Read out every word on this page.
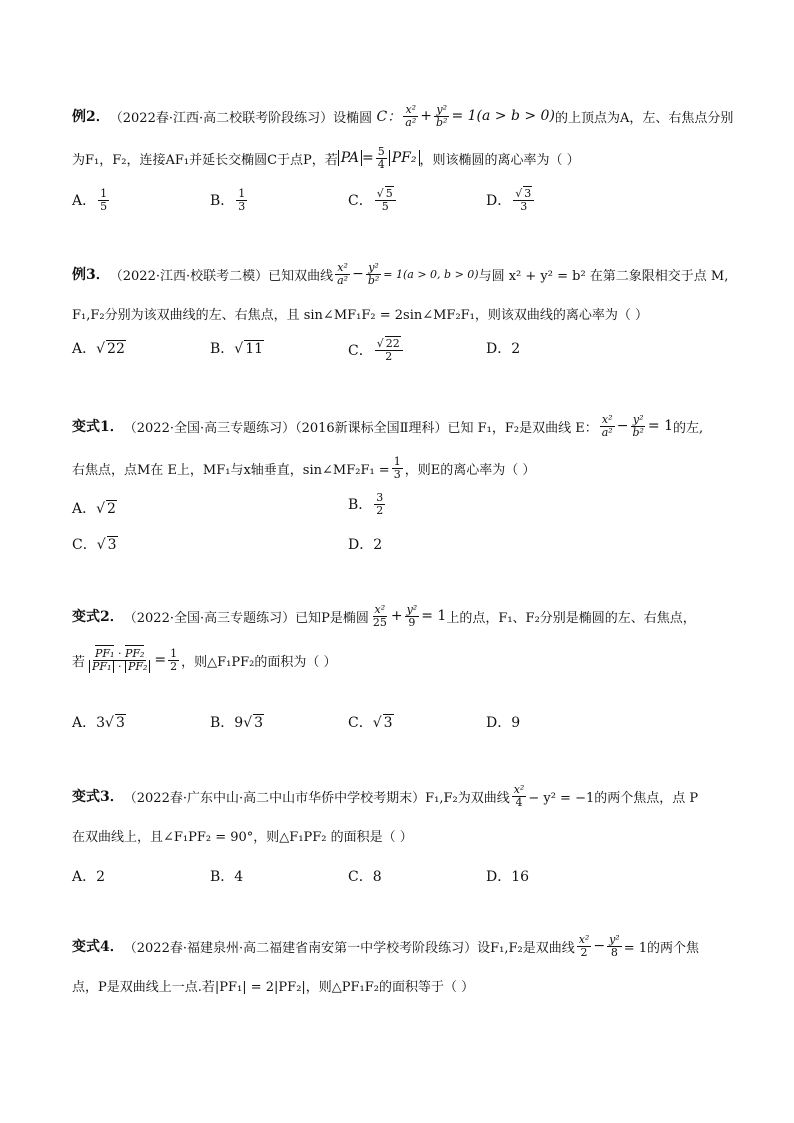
例2． （2022春·江西·高二校联考阶段练习）设椭圆 C： $\frac{\text{x²}}{\text{a²}} + \frac{\text{y²}}{\text{b²}} = 1(a > b > 0)$ 的上顶点为A，左、右焦点分别
为F₁，F₂，连接AF₁并延长交椭圆C于点P，若 PA = $\frac{5}{4} PF_2$ ，则该椭圆的离心率为（ ）
A． $\frac{1}{5}$	B． $\frac{1}{3}$	C． $\frac{√ 5}{5}$	D． $\frac{√ 3}{3}$
例3． （2022·江西·校联考二模）已知双曲线 $\frac{\text{x²}}{\text{a²}} - \frac{\text{y²}}{\text{b²}} = 1(a > 0$, b > 0) 与圆 x² + y² = b² 在第二象限相交于点 M,
F₁,F₂分别为该双曲线的左、右焦点，且 sin∠MF₁F₂ = 2sin∠MF₂F₁，则该双曲线的离心率为（ ）
A．√ 22	B．√ 11	C． $\frac{√ 22}{2}$	D．2
变式1． （2022·全国·高三专题练习）（2016新课标全国Ⅱ理科）已知 F₁，F₂是双曲线 E： $\frac{\text{x²}}{\text{a²}} - \frac{\text{y²}}{\text{b²}} = 1$ 的左,
右焦点，点M在 E上，MF₁与x轴垂直，sin∠MF₂F₁ = $\frac{1}{3}$ ，则E的离心率为（ ）
A．√ 2	B． $\frac{3}{2}$
C．√ 3	D．2
变式2． （2022·全国·高三专题练习）已知P是椭圆 $\frac{\text{x²}}{25} + \frac{\text{y²}}{9} = 1$ 上的点，F₁、F₂分别是椭圆的左、右焦点，
若 $\frac{\text{PF₁ · PF₂}}{\text{PF₁ · PF₂}} = \frac{1}{2}$ ，则△F₁PF₂的面积为（ ）
A．3√ 3	B．9√ 3	C．√ 3	D．9
变式3． （2022春·广东中山·高二中山市华侨中学校考期末）F₁,F₂为双曲线 $\frac{\text{x²}}{4} - y^2 = -1$的两个焦点，点 P
在双曲线上，且∠F₁PF₂ = 90°，则△F₁PF₂ 的面积是（ ）
A．2	B．4	C．8	D．16
变式4． （2022春·福建泉州·高二福建省南安第一中学校考阶段练习）设F₁,F₂是双曲线 $\frac{\text{x²}}{2} - \frac{\text{y²}}{8} = 1$的两个焦
点，P是双曲线上一点.若|PF₁| = 2|PF₂|，则△PF₁F₂的面积等于（ ）
